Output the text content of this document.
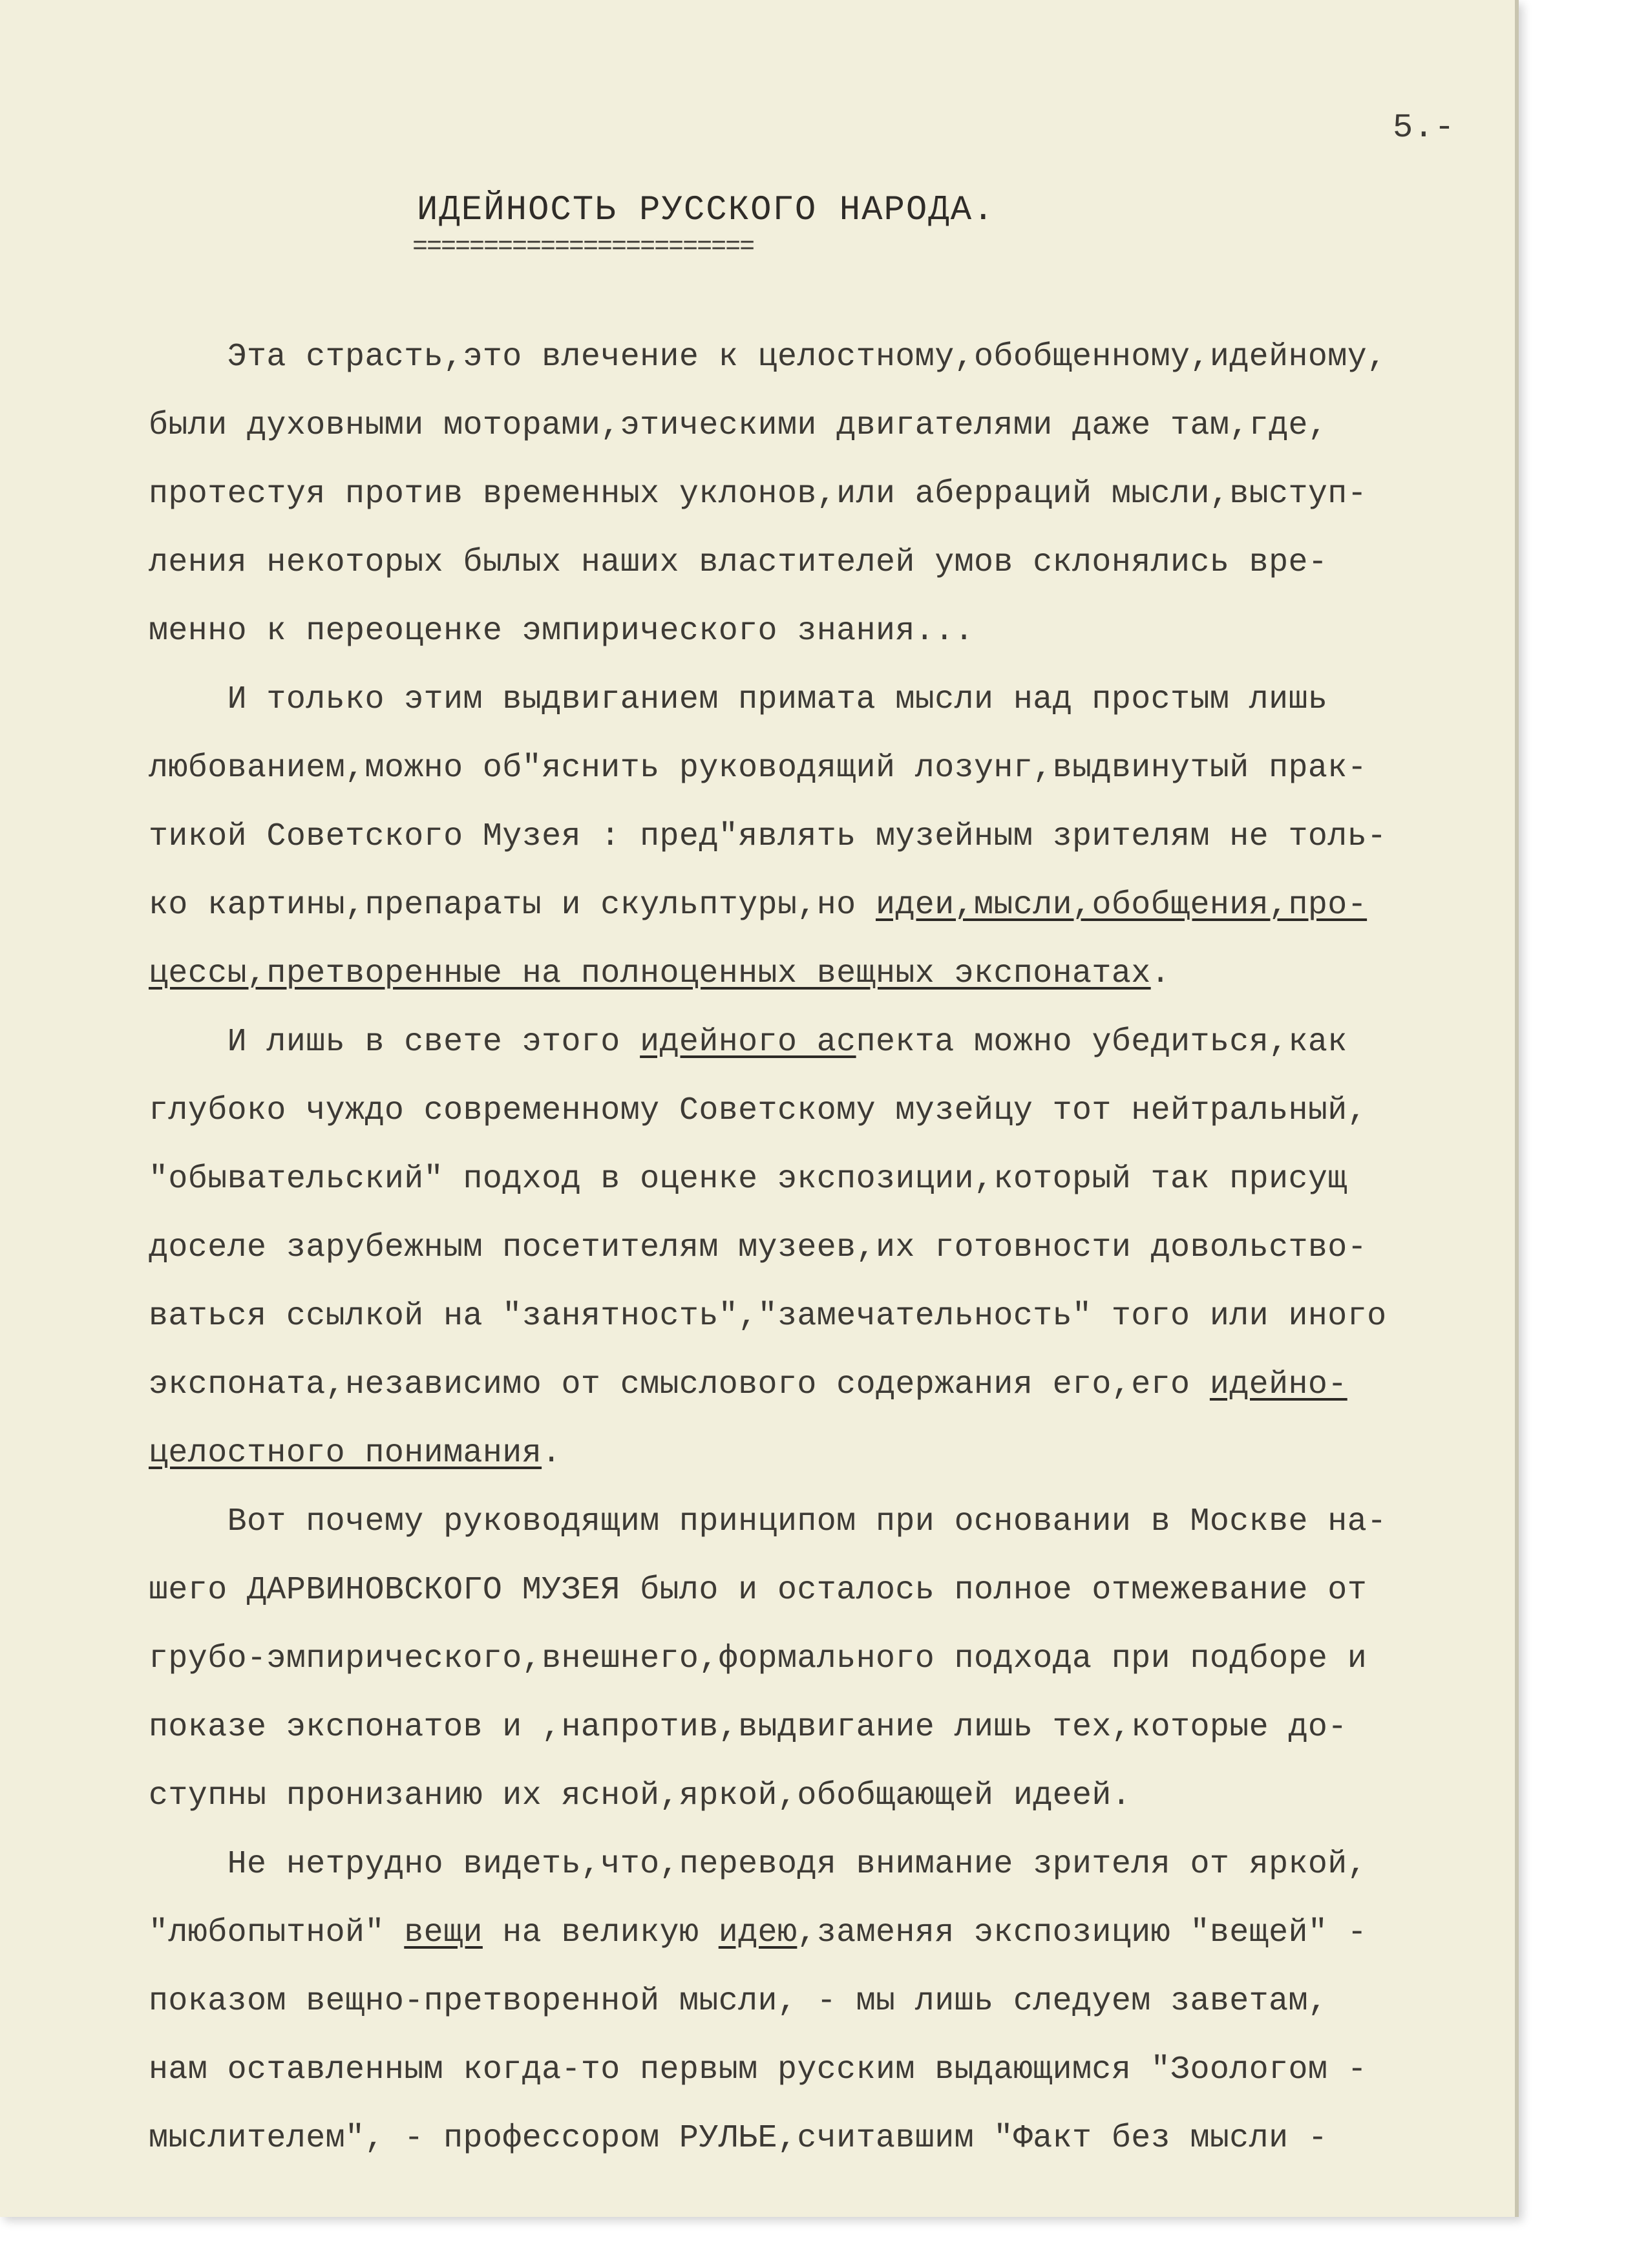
5.-
ИДЕЙНОСТЬ РУССКОГО НАРОДА.
========================
Эта страсть,это влечение к целостному,обобщенному,идейному,
были духовными моторами,этическими двигателями даже там,где,
протестуя против временных уклонов,или аберраций мысли,выступ-
ления некоторых былых наших властителей умов склонялись вре-
менно к переоценке эмпирического знания...
И только этим выдвиганием примата мысли над простым лишь
любованием,можно об"яснить руководящий лозунг,выдвинутый прак-
тикой Советского Музея : пред"являть музейным зрителям не толь-
ко картины,препараты и скульптуры,но идеи,мысли,обобщения,про-
цессы,претворенные на полноценных вещных экспонатах.
И лишь в свете этого идейного аспекта можно убедиться,как
глубоко чуждо современному Советскому музейцу тот нейтральный,
"обывательский" подход в оценке экспозиции,который так присущ
доселе зарубежным посетителям музеев,их готовности довольство-
ваться ссылкой на "занятность","замечательность" того или иного
экспоната,независимо от смыслового содержания его,его идейно-
целостного понимания.
Вот почему руководящим принципом при основании в Москве на-
шего ДАРВИНОВСКОГО МУЗЕЯ было и осталось полное отмежевание от
грубо-эмпирического,внешнего,формального подхода при подборе и
показе экспонатов и ,напротив,выдвигание лишь тех,которые до-
ступны пронизанию их ясной,яркой,обобщающей идеей.
Не нетрудно видеть,что,переводя внимание зрителя от яркой,
"любопытной" вещи на великую идею,заменяя экспозицию "вещей" -
показом вещно-претворенной мысли, - мы лишь следуем заветам,
нам оставленным когда-то первым русским выдающимся "Зоологом -
мыслителем", - профессором РУЛЬЕ,считавшим "Факт без мысли -
